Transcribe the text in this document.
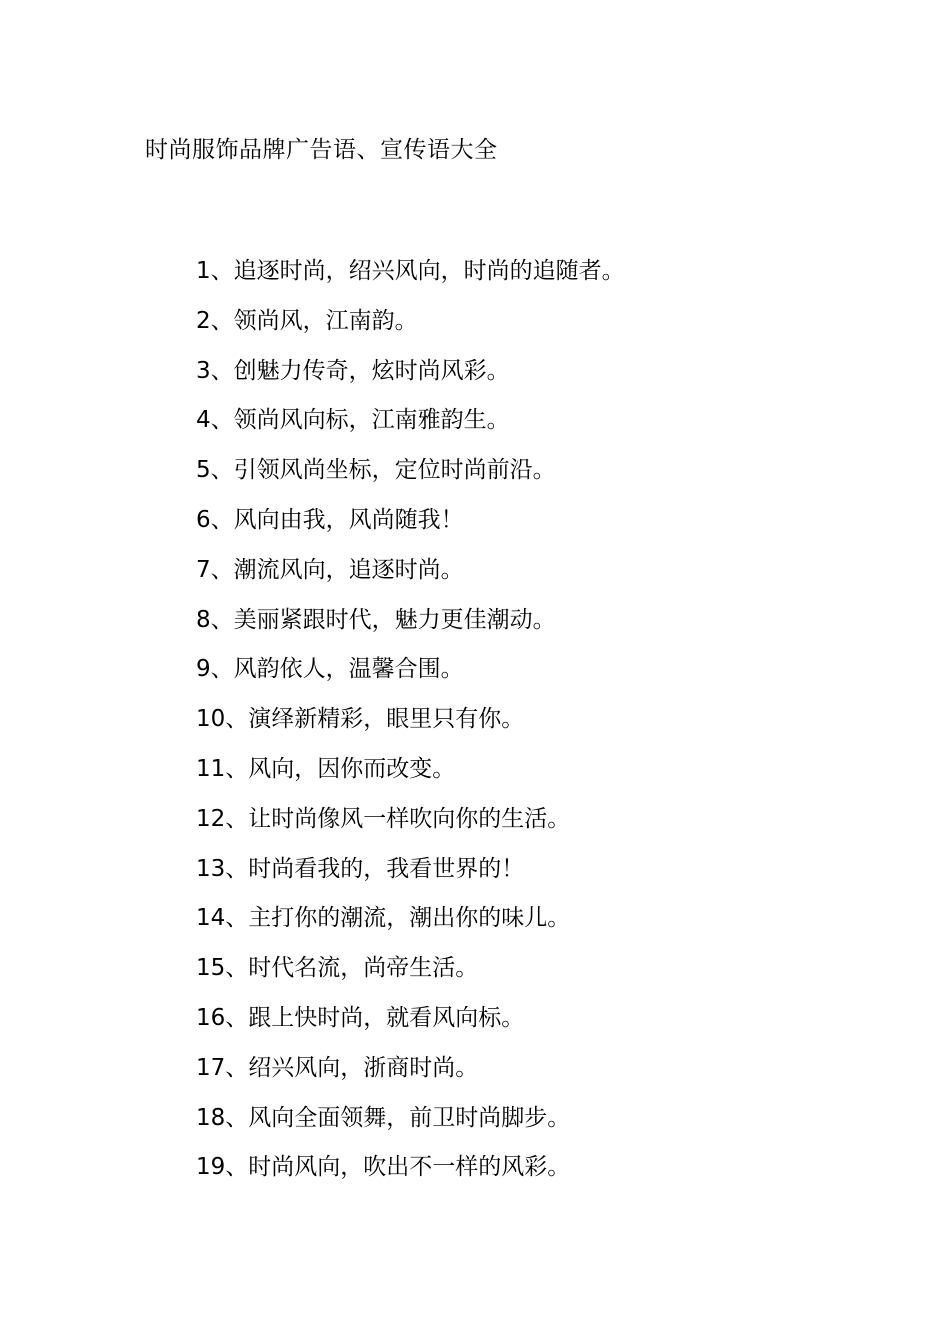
时尚服饰品牌广告语、宣传语大全
1、追逐时尚，绍兴风向，时尚的追随者。
2、领尚风，江南韵。
3、创魅力传奇，炫时尚风彩。
4、领尚风向标，江南雅韵生。
5、引领风尚坐标，定位时尚前沿。
6、风向由我，风尚随我！
7、潮流风向，追逐时尚。
8、美丽紧跟时代，魅力更佳潮动。
9、风韵依人，温馨合围。
10、演绎新精彩，眼里只有你。
11、风向，因你而改变。
12、让时尚像风一样吹向你的生活。
13、时尚看我的，我看世界的！
14、主打你的潮流，潮出你的味儿。
15、时代名流，尚帝生活。
16、跟上快时尚，就看风向标。
17、绍兴风向，浙商时尚。
18、风向全面领舞，前卫时尚脚步。
19、时尚风向，吹出不一样的风彩。
